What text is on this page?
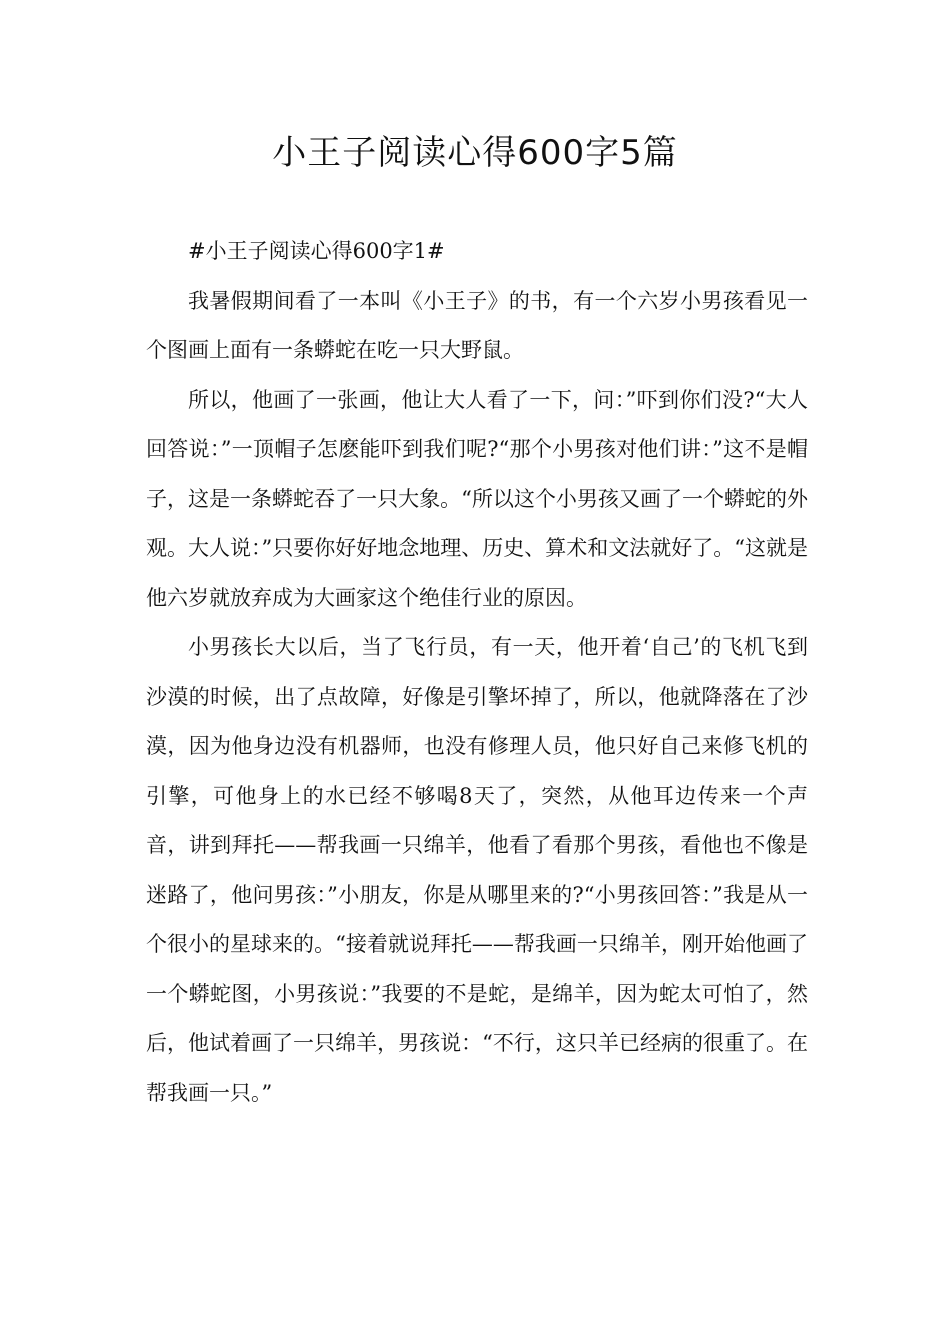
小王子阅读心得600字5篇

#小王子阅读心得600字1#

我暑假期间看了一本叫《小王子》的书，有一个六岁小男孩看见一个图画上面有一条蟒蛇在吃一只大野鼠。

所以，他画了一张画，他让大人看了一下，问：”吓到你们没?“大人回答说：”一顶帽子怎麽能吓到我们呢?“那个小男孩对他们讲：”这不是帽子，这是一条蟒蛇吞了一只大象。“所以这个小男孩又画了一个蟒蛇的外观。大人说：”只要你好好地念地理、历史、算术和文法就好了。“这就是他六岁就放弃成为大画家这个绝佳行业的原因。

小男孩长大以后，当了飞行员，有一天，他开着‘自己’的飞机飞到沙漠的时候，出了点故障，好像是引擎坏掉了，所以，他就降落在了沙漠，因为他身边没有机器师，也没有修理人员，他只好自己来修飞机的引擎，可他身上的水已经不够喝8天了，突然，从他耳边传来一个声音，讲到拜托——帮我画一只绵羊，他看了看那个男孩，看他也不像是迷路了，他问男孩：”小朋友，你是从哪里来的?“小男孩回答：”我是从一个很小的星球来的。“接着就说拜托——帮我画一只绵羊，刚开始他画了一个蟒蛇图，小男孩说：”我要的不是蛇，是绵羊，因为蛇太可怕了，然后，他试着画了一只绵羊，男孩说：“不行，这只羊已经病的很重了。在帮我画一只。”
